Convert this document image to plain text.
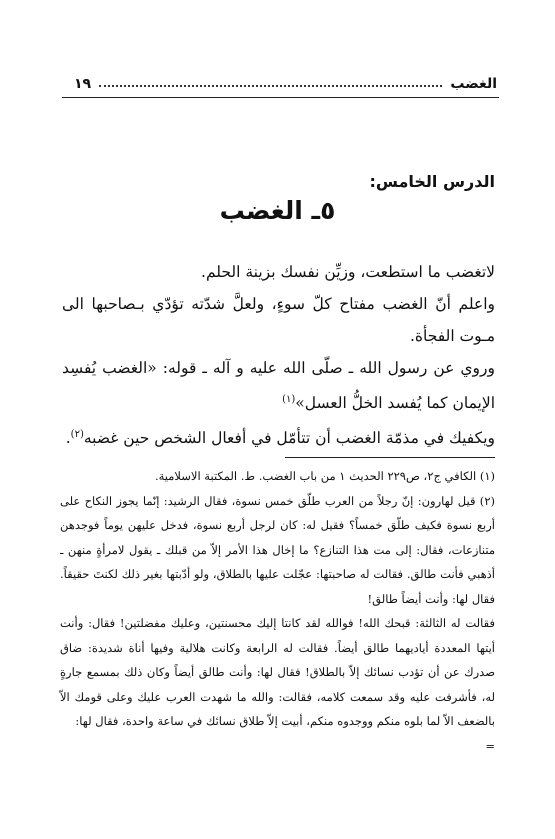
الغضب
١٩
الدرس الخامس:
٥ـ الغضب

لاتغضب ما استطعت، وزيِّن نفسك بزينة الحلم.

واعلم أنّ الغضب مفتاح كلّ سوءٍ، ولعلَّ شدّته تؤدّي بـصاحبها الى مـوت الفجأة.

وروي عن رسول الله ـ صلّى الله عليه و آله ـ قوله: «الغضب يُفسِد الإيمان كما يُفسد الخلُّ العسل»$^{(١)}$

ويكفيك في مذمّة الغضب أن تتأمّل في أفعال الشخص حين غضبه$^{(٢)}$.

(١) الكافي ج٢، ص٢٢٩ الحديث ١ من باب الغضب. ط. المكتبة الاسلامية.

(٢) قيل لهارون: إنّ رجلاً من العرب طلّق خمس نسوة، فقال الرشيد: إنّما يجوز النكاح على أربع نسوة فكيف طلّق خمساً؟ فقيل له: كان لرجل أربع نسوة، فدخل عليهن يوماً فوجدهن متنازعات، فقال: إلى مت هذا التنازع؟ ما إخال هذا الأمر إلاّ من قبلك ـ يقول لامرأةٍ منهن ـ أذهبي فأنت طالق. فقالت له صاحبتها: عجّلت عليها بالطلاق، ولو أدّبتها بغير ذلك لكنتَ حقيقاً. فقال لها: وأنت أيضاً طالق!

فقالت له الثالثة: قبحك الله! فوالله لقد كانتا إليك محسنتين، وعليك مفضلتين! فقال: وأنت أيتها المعددة أياديهما طالق أيضاً. فقالت له الرابعة وكانت هلالية وفيها أناة شديدة: ضاق صدرك عن أن تؤدب نسائك إلاّ بالطلاق! فقال لها: وأنت طالق أيضاً وكان ذلك بمسمع جارةٍ له، فأشرفت عليه وقد سمعت كلامه، فقالت: والله ما شهدت العرب عليك وعلى قومك الاّ بالضعف الاّ لما بلوه منكم ووجدوه منكم، أبيت إلاّ طلاق نسائك في ساعة واحدة، فقال لها:

=
